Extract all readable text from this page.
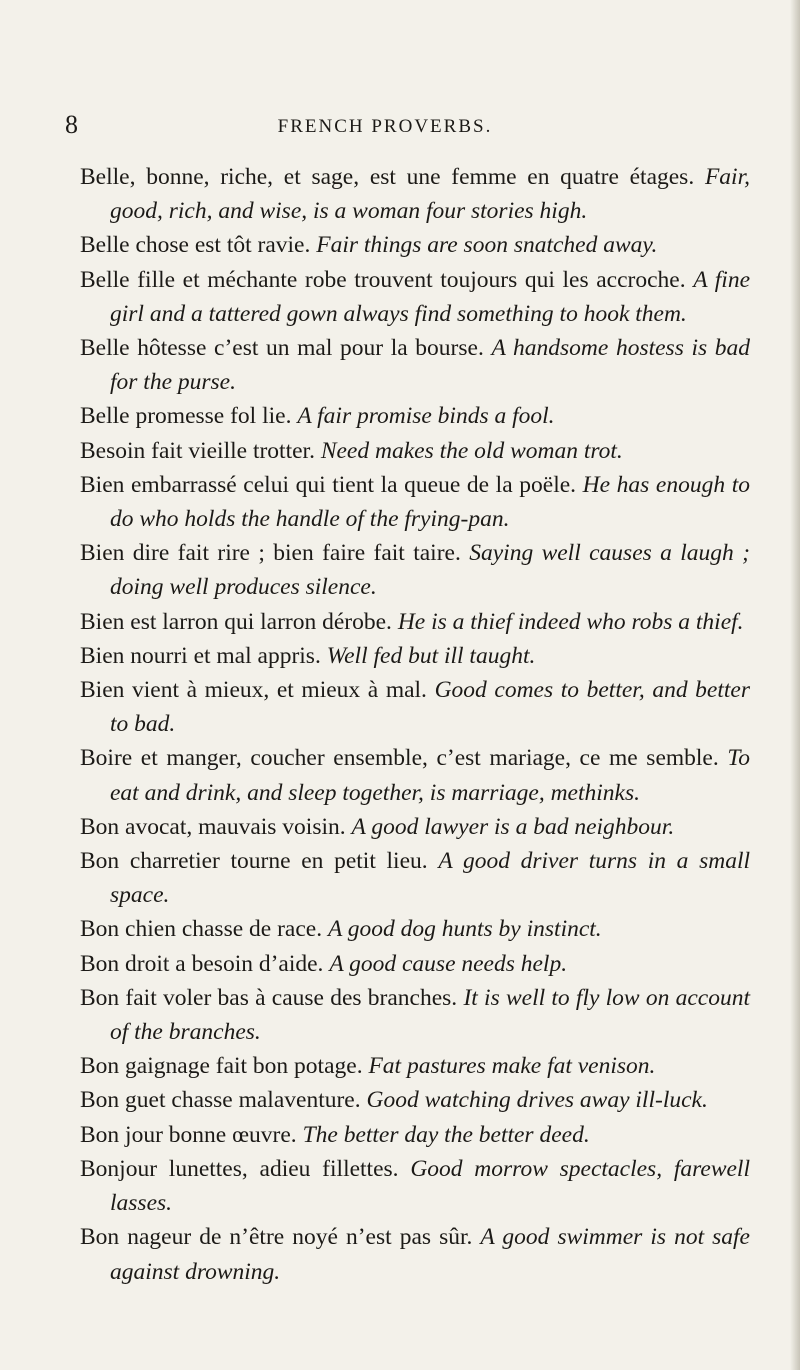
8	FRENCH PROVERBS.

Belle, bonne, riche, et sage, est une femme en quatre étages. Fair, good, rich, and wise, is a woman four stories high.

Belle chose est tôt ravie. Fair things are soon snatched away.

Belle fille et méchante robe trouvent toujours qui les accroche. A fine girl and a tattered gown always find something to hook them.

Belle hôtesse c’est un mal pour la bourse. A handsome hostess is bad for the purse.

Belle promesse fol lie. A fair promise binds a fool.

Besoin fait vieille trotter. Need makes the old woman trot.

Bien embarrassé celui qui tient la queue de la poële. He has enough to do who holds the handle of the frying-pan.

Bien dire fait rire ; bien faire fait taire. Saying well causes a laugh ; doing well produces silence.

Bien est larron qui larron dérobe. He is a thief indeed who robs a thief.

Bien nourri et mal appris. Well fed but ill taught.

Bien vient à mieux, et mieux à mal. Good comes to better, and better to bad.

Boire et manger, coucher ensemble, c’est mariage, ce me semble. To eat and drink, and sleep together, is marriage, methinks.

Bon avocat, mauvais voisin. A good lawyer is a bad neighbour.

Bon charretier tourne en petit lieu. A good driver turns in a small space.

Bon chien chasse de race. A good dog hunts by instinct.

Bon droit a besoin d’aide. A good cause needs help.

Bon fait voler bas à cause des branches. It is well to fly low on account of the branches.

Bon gaignage fait bon potage. Fat pastures make fat venison.

Bon guet chasse malaventure. Good watching drives away ill-luck.

Bon jour bonne œuvre. The better day the better deed.

Bonjour lunettes, adieu fillettes. Good morrow spectacles, farewell lasses.

Bon nageur de n’être noyé n’est pas sûr. A good swimmer is not safe against drowning.
